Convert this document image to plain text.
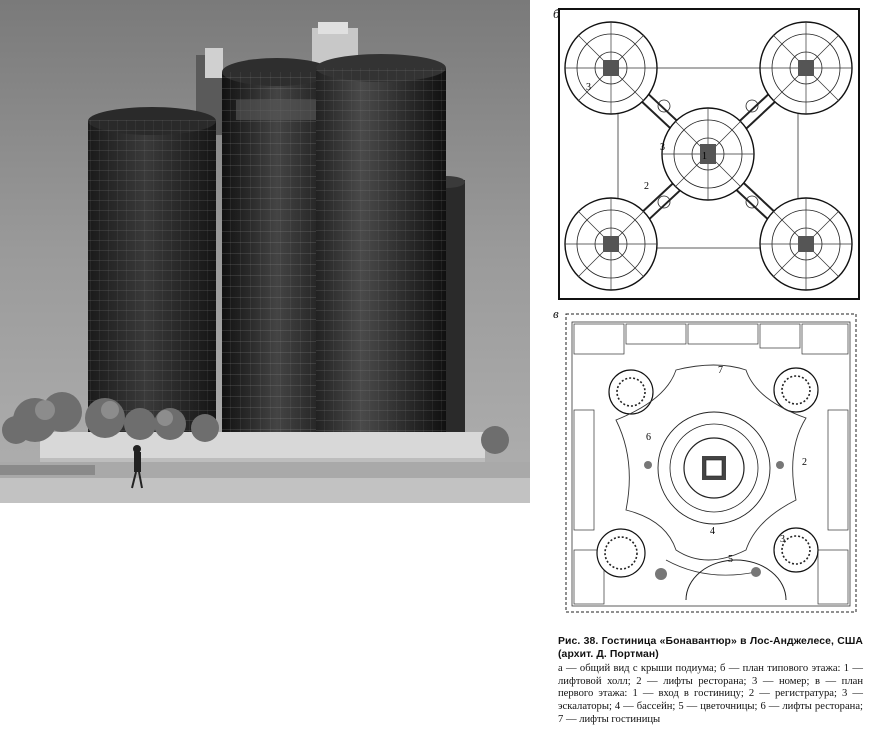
б
3
3
1
2
в
2
3
4
5
6
7
Рис. 38. Гостиница «Бонавантюр» в Лос-Анджелесе, США (архит. Д. Портман)
а — общий вид с крыши подиума; б — план типового этажа: 1 — лифтовой холл; 2 — лифты ресторана; 3 — номер; в — план первого этажа: 1 — вход в гостиницу; 2 — регистратура; 3 — эскалаторы; 4 — бассейн; 5 — цветочницы; 6 — лифты ресторана; 7 — лифты гостиницы
